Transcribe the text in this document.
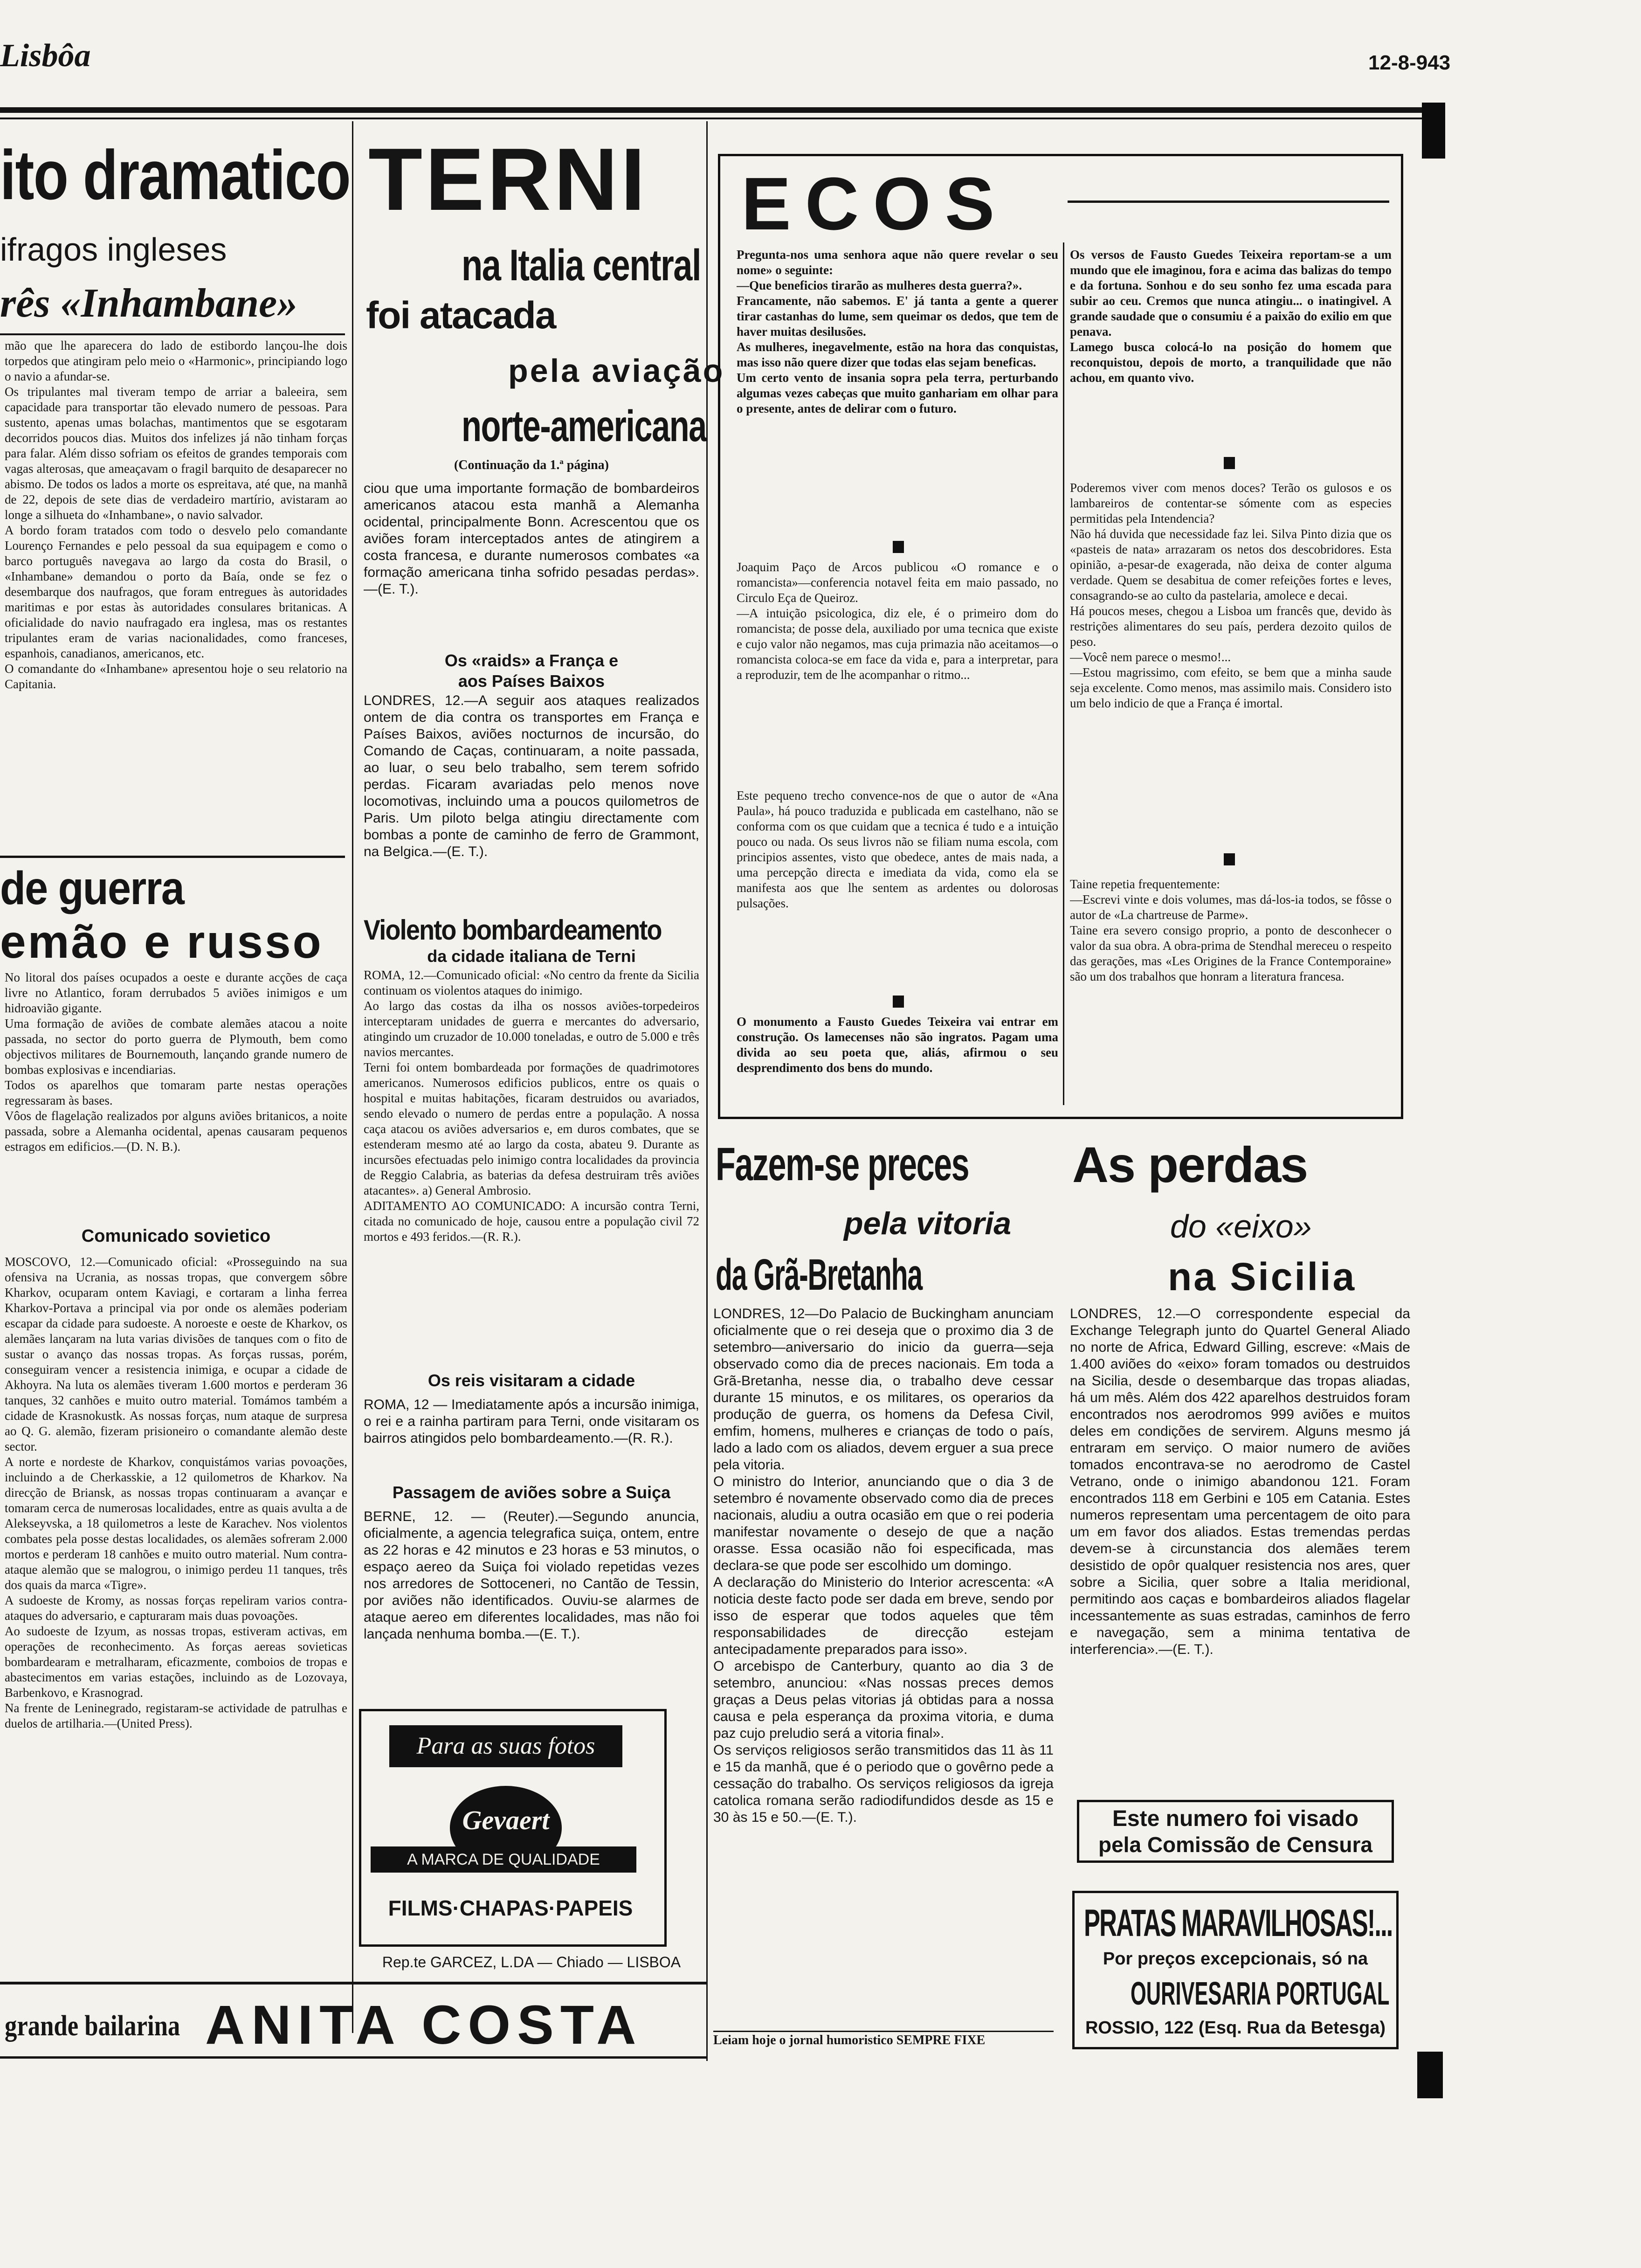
Lisbôa	12-8-943
ito dramatico
ifragos ingleses
rês «Inhambane»

mão que lhe aparecera do lado de estibordo lançou-lhe dois torpedos que atingiram pelo meio o «Harmonic», principiando logo o navio a afundar-se.
Os tripulantes mal tiveram tempo de arriar a baleeira, sem capacidade para transportar tão elevado numero de pessoas. Para sustento, apenas umas bolachas, mantimentos que se esgotaram decorridos poucos dias. Muitos dos infelizes já não tinham forças para falar. Além disso sofriam os efeitos de grandes temporais com vagas alterosas, que ameaçavam o fragil barquito de desaparecer no abismo. De todos os lados a morte os espreitava, até que, na manhã de 22, depois de sete dias de verdadeiro martírio, avistaram ao longe a silhueta do «Inhambane», o navio salvador.
A bordo foram tratados com todo o desvelo pelo comandante Lourenço Fernandes e pelo pessoal da sua equipagem e como o barco português navegava ao largo da costa do Brasil, o «Inhambane» demandou o porto da Baía, onde se fez o desembarque dos naufragos, que foram entregues às autoridades maritimas e por estas às autoridades consulares britanicas. A oficialidade do navio naufragado era inglesa, mas os restantes tripulantes eram de varias nacionalidades, como franceses, espanhois, canadianos, americanos, etc.
O comandante do «Inhambane» apresentou hoje o seu relatorio na Capitania.

de guerra
emão e russo

No litoral dos países ocupados a oeste e durante acções de caça livre no Atlantico, foram derrubados 5 aviões inimigos e um hidroavião gigante.
Uma formação de aviões de combate alemães atacou a noite passada, no sector do porto guerra de Plymouth, bem como objectivos militares de Bournemouth, lançando grande numero de bombas explosivas e incendiarias.
Todos os aparelhos que tomaram parte nestas operações regressaram às bases.
Vôos de flagelação realizados por alguns aviões britanicos, a noite passada, sobre a Alemanha ocidental, apenas causaram pequenos estragos em edificios.—(D. N. B.).

Comunicado sovietico

MOSCOVO, 12.—Comunicado oficial: «Prosseguindo na sua ofensiva na Ucrania, as nossas tropas, que convergem sôbre Kharkov, ocuparam ontem Kaviagi, e cortaram a linha ferrea Kharkov-Portava a principal via por onde os alemães poderiam escapar da cidade para sudoeste. A noroeste e oeste de Kharkov, os alemães lançaram na luta varias divisões de tanques com o fito de sustar o avanço das nossas tropas. As forças russas, porém, conseguiram vencer a resistencia inimiga, e ocupar a cidade de Akhoyra. Na luta os alemães tiveram 1.600 mortos e perderam 36 tanques, 32 canhões e muito outro material. Tomámos também a cidade de Krasnokustk. As nossas forças, num ataque de surpresa ao Q. G. alemão, fizeram prisioneiro o comandante alemão deste sector.
A norte e nordeste de Kharkov, conquistámos varias povoações, incluindo a de Cherkasskie, a 12 quilometros de Kharkov. Na direcção de Briansk, as nossas tropas continuaram a avançar e tomaram cerca de numerosas localidades, entre as quais avulta a de Alekseyvska, a 18 quilometros a leste de Karachev. Nos violentos combates pela posse destas localidades, os alemães sofreram 2.000 mortos e perderam 18 canhões e muito outro material. Num contra-ataque alemão que se malogrou, o inimigo perdeu 11 tanques, três dos quais da marca «Tigre».
A sudoeste de Kromy, as nossas forças repeliram varios contra-ataques do adversario, e capturaram mais duas povoações.
Ao sudoeste de Izyum, as nossas tropas, estiveram activas, em operações de reconhecimento. As forças aereas sovieticas bombardearam e metralharam, eficazmente, comboios de tropas e abastecimentos em varias estações, incluindo as de Lozovaya, Barbenkovo, e Krasnograd.
Na frente de Leninegrado, registaram-se actividade de patrulhas e duelos de artilharia.—(United Press).

grande bailarina ANITA COSTA
TERNI
na Italia central
foi atacada
pela aviação
norte-americana
(Continuação da 1.ª página)

ciou que uma importante formação de bombardeiros americanos atacou esta manhã a Alemanha ocidental, principalmente Bonn. Acrescentou que os aviões foram interceptados antes de atingirem a costa francesa, e durante numerosos combates «a formação americana tinha sofrido pesadas perdas».—(E. T.).

Os «raids» a França e aos Países Baixos

LONDRES, 12.—A seguir aos ataques realizados ontem de dia contra os transportes em França e Países Baixos, aviões nocturnos de incursão, do Comando de Caças, continuaram, a noite passada, ao luar, o seu belo trabalho, sem terem sofrido perdas. Ficaram avariadas pelo menos nove locomotivas, incluindo uma a poucos quilometros de Paris. Um piloto belga atingiu directamente com bombas a ponte de caminho de ferro de Grammont, na Belgica.—(E. T.).

Violento bombardeamento
da cidade italiana de Terni

ROMA, 12.—Comunicado oficial: «No centro da frente da Sicilia continuam os violentos ataques do inimigo.
Ao largo das costas da ilha os nossos aviões-torpedeiros interceptaram unidades de guerra e mercantes do adversario, atingindo um cruzador de 10.000 toneladas, e outro de 5.000 e três navios mercantes.
Terni foi ontem bombardeada por formações de quadrimotores americanos. Numerosos edificios publicos, entre os quais o hospital e muitas habitações, ficaram destruidos ou avariados, sendo elevado o numero de perdas entre a população. A nossa caça atacou os aviões adversarios e, em duros combates, que se estenderam mesmo até ao largo da costa, abateu 9. Durante as incursões efectuadas pelo inimigo contra localidades da provincia de Reggio Calabria, as baterias da defesa destruiram três aviões atacantes». a) General Ambrosio.
ADITAMENTO AO COMUNICADO: A incursão contra Terni, citada no comunicado de hoje, causou entre a população civil 72 mortos e 493 feridos.—(R. R.).

Os reis visitaram a cidade

ROMA, 12 — Imediatamente após a incursão inimiga, o rei e a rainha partiram para Terni, onde visitaram os bairros atingidos pelo bombardeamento.—(R. R.).

Passagem de aviões sobre a Suiça

BERNE, 12. — (Reuter).—Segundo anuncia, oficialmente, a agencia telegrafica suiça, ontem, entre as 22 horas e 42 minutos e 23 horas e 53 minutos, o espaço aereo da Suiça foi violado repetidas vezes nos arredores de Sottoceneri, no Cantão de Tessin, por aviões não identificados. Ouviu-se alarmes de ataque aereo em diferentes localidades, mas não foi lançada nenhuma bomba.—(E. T.).

Para as suas fotos
Gevaert
A MARCA DE QUALIDADE
FILMS·CHAPAS·PAPEIS
Rep.te GARCEZ, L.DA — Chiado — LISBOA
ECOS

Pregunta-nos uma senhora aque não quere revelar o seu nome» o seguinte:
—Que beneficios tirarão as mulheres desta guerra?».
Francamente, não sabemos. E' já tanta a gente a querer tirar castanhas do lume, sem queimar os dedos, que tem de haver muitas desilusões.
As mulheres, inegavelmente, estão na hora das conquistas, mas isso não quere dizer que todas elas sejam beneficas.
Um certo vento de insania sopra pela terra, perturbando algumas vezes cabeças que muito ganhariam em olhar para o presente, antes de delirar com o futuro.

Joaquim Paço de Arcos publicou «O romance e o romancista»—conferencia notavel feita em maio passado, no Circulo Eça de Queiroz.
—A intuição psicologica, diz ele, é o primeiro dom do romancista; de posse dela, auxiliado por uma tecnica que existe e cujo valor não negamos, mas cuja primazia não aceitamos—o romancista coloca-se em face da vida e, para a interpretar, para a reproduzir, tem de lhe acompanhar o ritmo...

Este pequeno trecho convence-nos de que o autor de «Ana Paula», há pouco traduzida e publicada em castelhano, não se conforma com os que cuidam que a tecnica é tudo e a intuição pouco ou nada. Os seus livros não se filiam numa escola, com principios assentes, visto que obedece, antes de mais nada, a uma percepção directa e imediata da vida, como ela se manifesta aos que lhe sentem as ardentes ou dolorosas pulsações.

O monumento a Fausto Guedes Teixeira vai entrar em construção. Os lamecenses não são ingratos. Pagam uma divida ao seu poeta que, aliás, afirmou o seu desprendimento dos bens do mundo.

Os versos de Fausto Guedes Teixeira reportam-se a um mundo que ele imaginou, fora e acima das balizas do tempo e da fortuna. Sonhou e do seu sonho fez uma escada para subir ao ceu. Cremos que nunca atingiu... o inatingivel. A grande saudade que o consumiu é a paixão do exilio em que penava.
Lamego busca colocá-lo na posição do homem que reconquistou, depois de morto, a tranquilidade que não achou, em quanto vivo.

Poderemos viver com menos doces? Terão os gulosos e os lambareiros de contentar-se sómente com as especies permitidas pela Intendencia?
Não há duvida que necessidade faz lei. Silva Pinto dizia que os «pasteis de nata» arrazaram os netos dos descobridores. Esta opinião, a-pesar-de exagerada, não deixa de conter alguma verdade. Quem se desabitua de comer refeições fortes e leves, consagrando-se ao culto da pastelaria, amolece e decai.
Há poucos meses, chegou a Lisboa um francês que, devido às restrições alimentares do seu país, perdera dezoito quilos de peso.
—Você nem parece o mesmo!...
—Estou magrissimo, com efeito, se bem que a minha saude seja excelente. Como menos, mas assimilo mais. Considero isto um belo indicio de que a França é imortal.

Taine repetia frequentemente:
—Escrevi vinte e dois volumes, mas dá-los-ia todos, se fôsse o autor de «La chartreuse de Parme».
Taine era severo consigo proprio, a ponto de desconhecer o valor da sua obra. A obra-prima de Stendhal mereceu o respeito das gerações, mas «Les Origines de la France Contemporaine» são um dos trabalhos que honram a literatura francesa.

Fazem-se preces
pela vitoria
da Grã-Bretanha

LONDRES, 12—Do Palacio de Buckingham anunciam oficialmente que o rei deseja que o proximo dia 3 de setembro—aniversario do inicio da guerra—seja observado como dia de preces nacionais. Em toda a Grã-Bretanha, nesse dia, o trabalho deve cessar durante 15 minutos, e os militares, os operarios da produção de guerra, os homens da Defesa Civil, emfim, homens, mulheres e crianças de todo o país, lado a lado com os aliados, devem erguer a sua prece pela vitoria.
O ministro do Interior, anunciando que o dia 3 de setembro é novamente observado como dia de preces nacionais, aludiu a outra ocasião em que o rei poderia manifestar novamente o desejo de que a nação orasse. Essa ocasião não foi especificada, mas declara-se que pode ser escolhido um domingo.
A declaração do Ministerio do Interior acrescenta: «A noticia deste facto pode ser dada em breve, sendo por isso de esperar que todos aqueles que têm responsabilidades de direcção estejam antecipadamente preparados para isso».
O arcebispo de Canterbury, quanto ao dia 3 de setembro, anunciou: «Nas nossas preces demos graças a Deus pelas vitorias já obtidas para a nossa causa e pela esperança da proxima vitoria, e duma paz cujo preludio será a vitoria final».
Os serviços religiosos serão transmitidos das 11 às 11 e 15 da manhã, que é o periodo que o govêrno pede a cessação do trabalho. Os serviços religiosos da igreja catolica romana serão radiodifundidos desde as 15 e 30 às 15 e 50.—(E. T.).

Leiam hoje o jornal humoristico SEMPRE FIXE
As perdas
do «eixo»
na Sicilia

LONDRES, 12.—O correspondente especial da Exchange Telegraph junto do Quartel General Aliado no norte de Africa, Edward Gilling, escreve: «Mais de 1.400 aviões do «eixo» foram tomados ou destruidos na Sicilia, desde o desembarque das tropas aliadas, há um mês. Além dos 422 aparelhos destruidos foram encontrados nos aerodromos 999 aviões e muitos deles em condições de servirem. Alguns mesmo já entraram em serviço. O maior numero de aviões tomados encontrava-se no aerodromo de Castel Vetrano, onde o inimigo abandonou 121. Foram encontrados 118 em Gerbini e 105 em Catania. Estes numeros representam uma percentagem de oito para um em favor dos aliados. Estas tremendas perdas devem-se à circunstancia dos alemães terem desistido de opôr qualquer resistencia nos ares, quer sobre a Sicilia, quer sobre a Italia meridional, permitindo aos caças e bombardeiros aliados flagelar incessantemente as suas estradas, caminhos de ferro e navegação, sem a minima tentativa de interferencia».—(E. T.).

Este numero foi visado
pela Comissão de Censura
PRATAS MARAVILHOSAS!...
Por preços excepcionais, só na
OURIVESARIA PORTUGAL
ROSSIO, 122 (Esq. Rua da Betesga)
